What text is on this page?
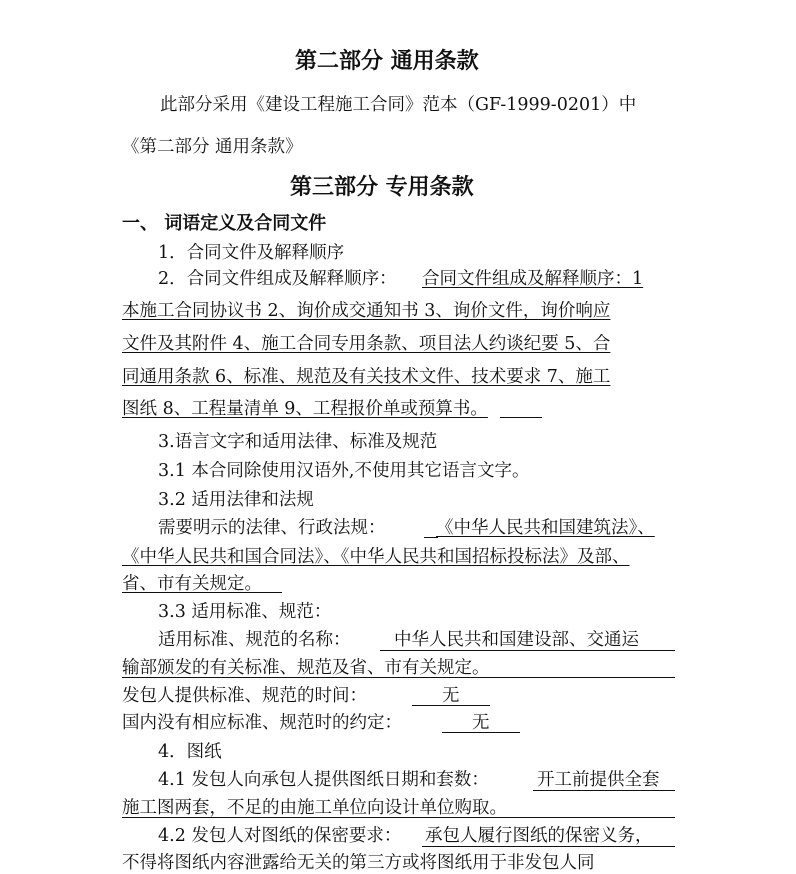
第二部分 通用条款
此部分采用《建设工程施工合同》范本（GF-1999-0201）中
《第二部分 通用条款》
第三部分 专用条款
一、 词语定义及合同文件
1．合同文件及解释顺序
2．合同文件组成及解释顺序： 合同文件组成及解释顺序：1
本施工合同协议书 2、询价成交通知书 3、询价文件，询价响应
文件及其附件 4、施工合同专用条款、项目法人约谈纪要 5、合
同通用条款 6、标准、规范及有关技术文件、技术要求 7、施工
图纸 8、工程量清单 9、工程报价单或预算书。
3.语言文字和适用法律、标准及规范
3.1 本合同除使用汉语外,不使用其它语言文字。
3.2 适用法律和法规
需要明示的法律、行政法规：	《中华人民共和国建筑法》、
《中华人民共和国合同法》、《中华人民共和国招标投标法》及部、
省、市有关规定。
3.3 适用标准、规范：
适用标准、规范的名称： 中华人民共和国建设部、交通运
输部颁发的有关标准、规范及省、市有关规定。
发包人提供标准、规范的时间：	无
国内没有相应标准、规范时的约定：	无
4．图纸
4.1 发包人向承包人提供图纸日期和套数：	开工前提供全套
施工图两套，不足的由施工单位向设计单位购取。
4.2 发包人对图纸的保密要求： 承包人履行图纸的保密义务，
不得将图纸内容泄露给无关的第三方或将图纸用于非发包人同
